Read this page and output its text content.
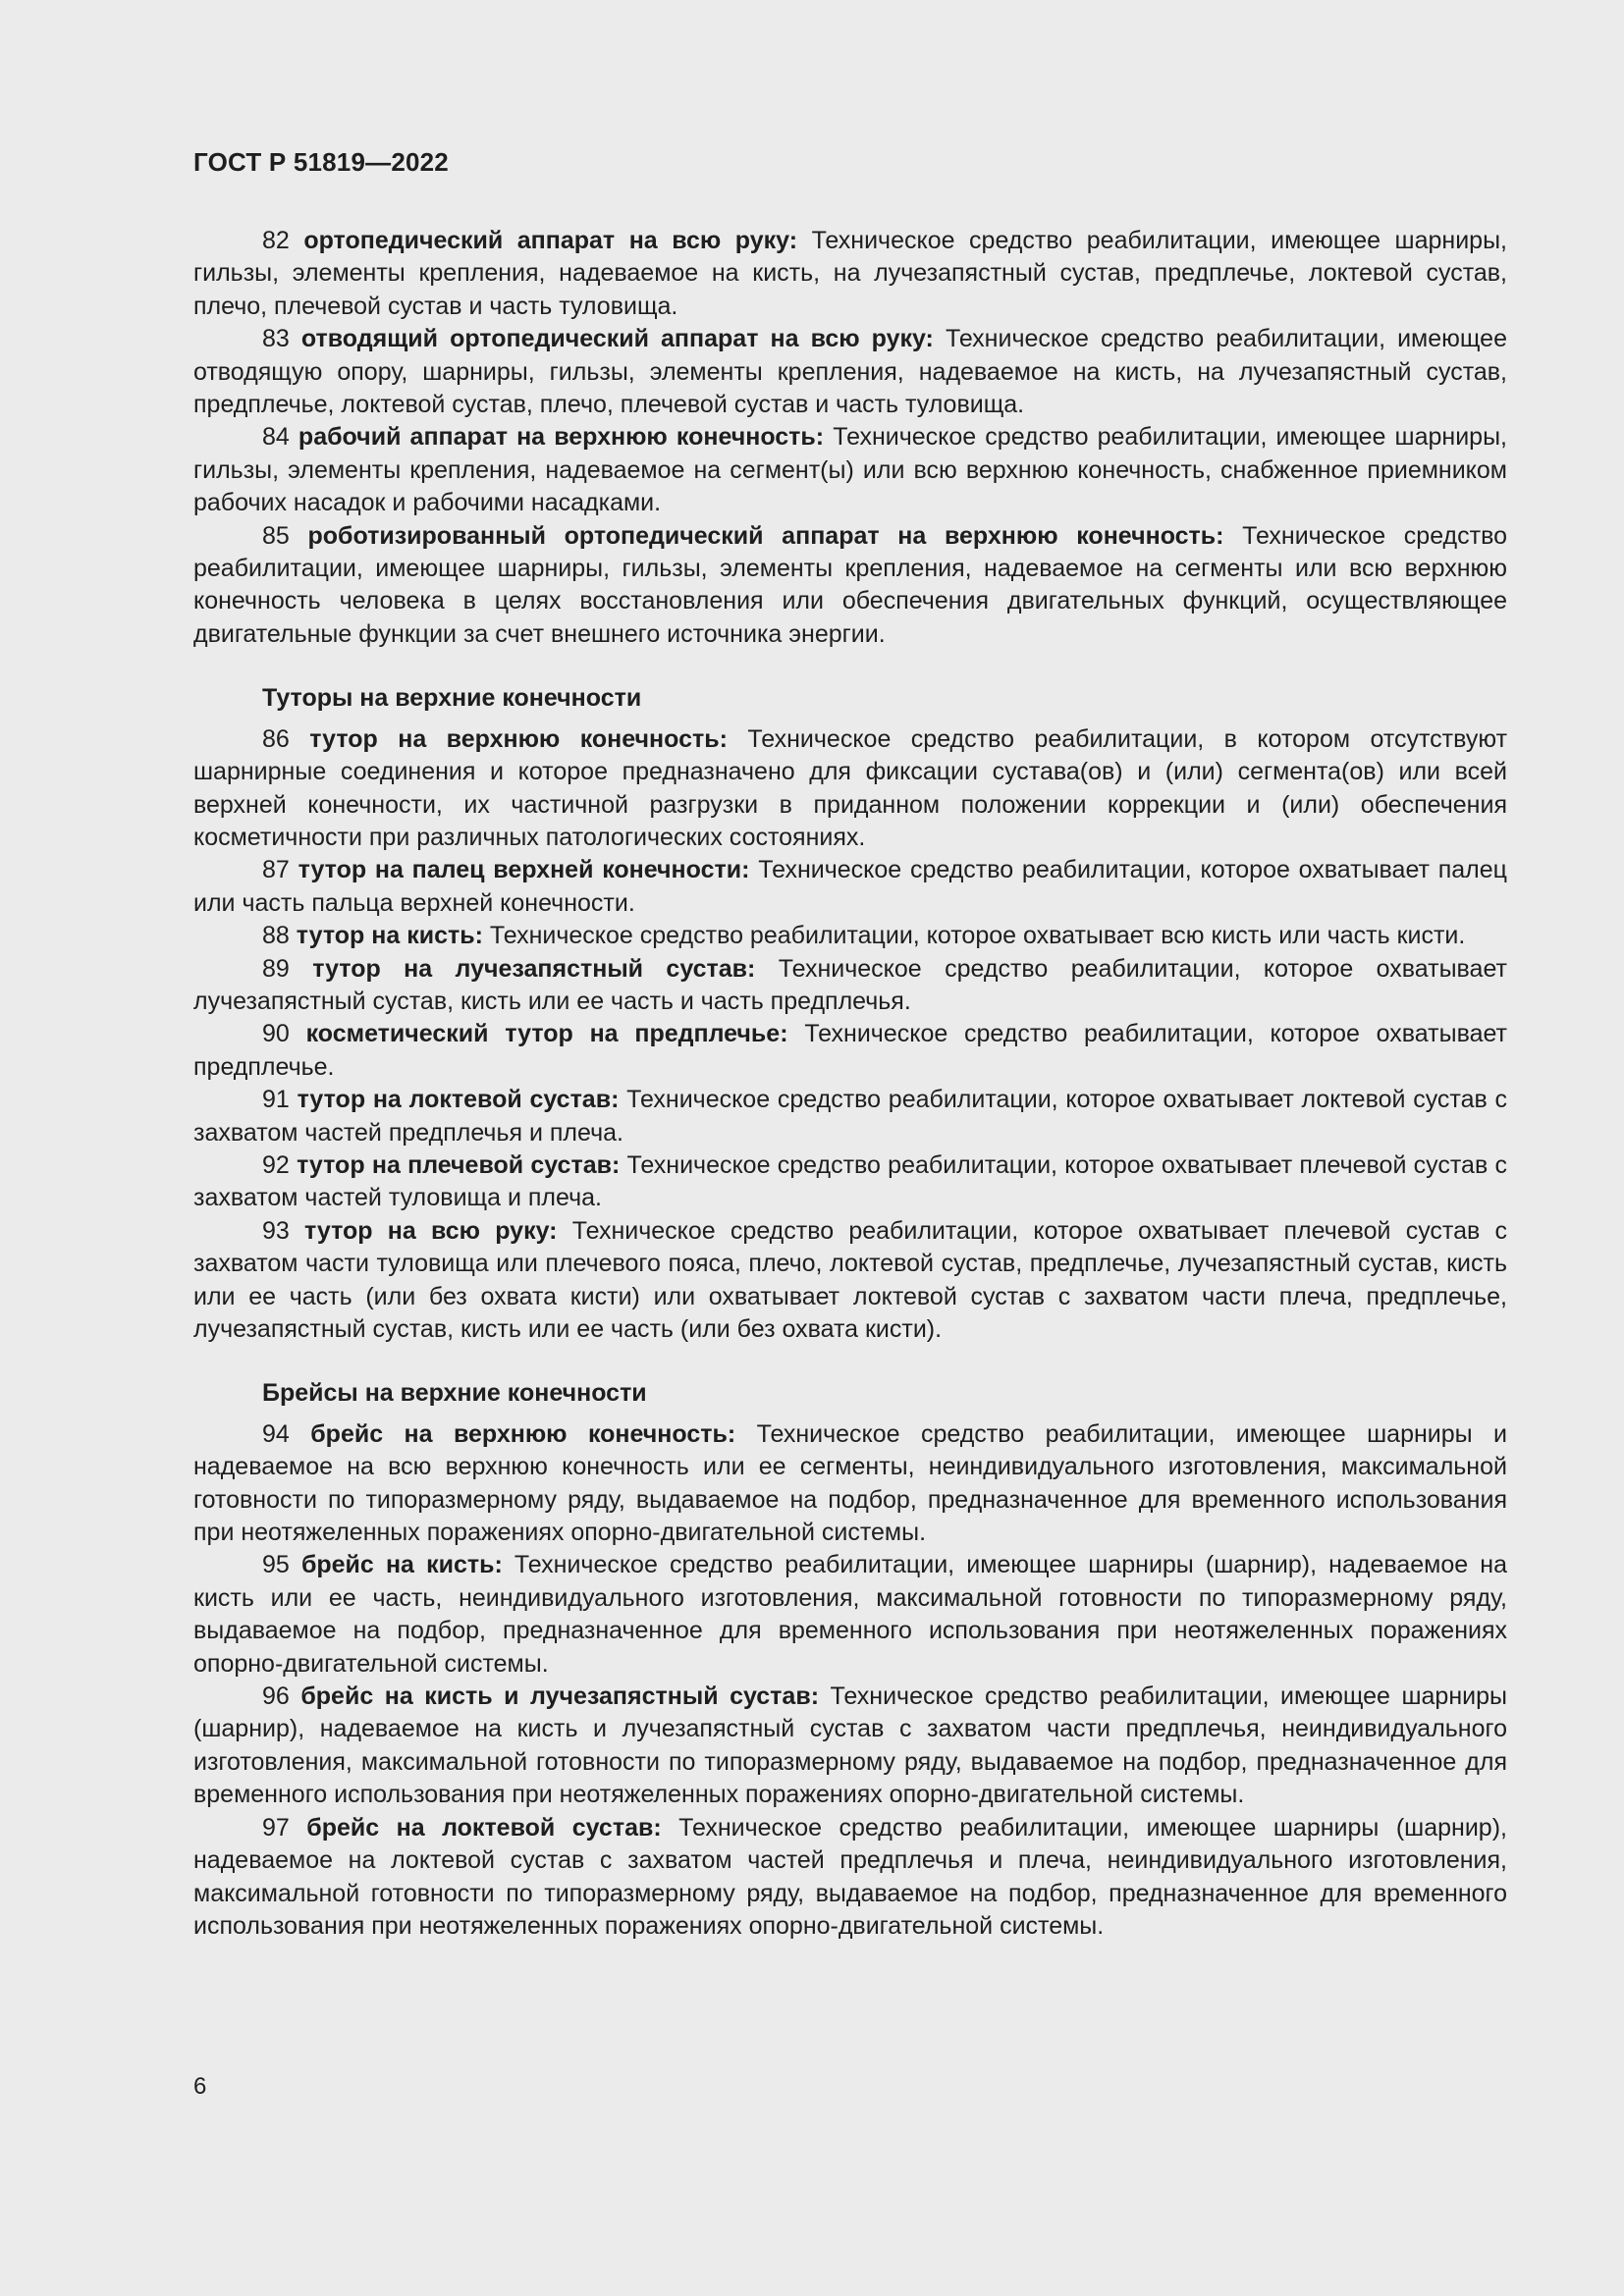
ГОСТ Р 51819—2022

82 ортопедический аппарат на всю руку: Техническое средство реабилитации, имеющее шарниры, гильзы, элементы крепления, надеваемое на кисть, на лучезапястный сустав, предплечье, локтевой сустав, плечо, плечевой сустав и часть туловища.

83 отводящий ортопедический аппарат на всю руку: Техническое средство реабилитации, имеющее отводящую опору, шарниры, гильзы, элементы крепления, надеваемое на кисть, на лучезапястный сустав, предплечье, локтевой сустав, плечо, плечевой сустав и часть туловища.

84 рабочий аппарат на верхнюю конечность: Техническое средство реабилитации, имеющее шарниры, гильзы, элементы крепления, надеваемое на сегмент(ы) или всю верхнюю конечность, снабженное приемником рабочих насадок и рабочими насадками.

85 роботизированный ортопедический аппарат на верхнюю конечность: Техническое средство реабилитации, имеющее шарниры, гильзы, элементы крепления, надеваемое на сегменты или всю верхнюю конечность человека в целях восстановления или обеспечения двигательных функций, осуществляющее двигательные функции за счет внешнего источника энергии.

Туторы на верхние конечности

86 тутор на верхнюю конечность: Техническое средство реабилитации, в котором отсутствуют шарнирные соединения и которое предназначено для фиксации сустава(ов) и (или) сегмента(ов) или всей верхней конечности, их частичной разгрузки в приданном положении коррекции и (или) обеспечения косметичности при различных патологических состояниях.

87 тутор на палец верхней конечности: Техническое средство реабилитации, которое охватывает палец или часть пальца верхней конечности.

88 тутор на кисть: Техническое средство реабилитации, которое охватывает всю кисть или часть кисти.

89 тутор на лучезапястный сустав: Техническое средство реабилитации, которое охватывает лучезапястный сустав, кисть или ее часть и часть предплечья.

90 косметический тутор на предплечье: Техническое средство реабилитации, которое охватывает предплечье.

91 тутор на локтевой сустав: Техническое средство реабилитации, которое охватывает локтевой сустав с захватом частей предплечья и плеча.

92 тутор на плечевой сустав: Техническое средство реабилитации, которое охватывает плечевой сустав с захватом частей туловища и плеча.

93 тутор на всю руку: Техническое средство реабилитации, которое охватывает плечевой сустав с захватом части туловища или плечевого пояса, плечо, локтевой сустав, предплечье, лучезапястный сустав, кисть или ее часть (или без охвата кисти) или охватывает локтевой сустав с захватом части плеча, предплечье, лучезапястный сустав, кисть или ее часть (или без охвата кисти).

Брейсы на верхние конечности

94 брейс на верхнюю конечность: Техническое средство реабилитации, имеющее шарниры и надеваемое на всю верхнюю конечность или ее сегменты, неиндивидуального изготовления, максимальной готовности по типоразмерному ряду, выдаваемое на подбор, предназначенное для временного использования при неотяжеленных поражениях опорно-двигательной системы.

95 брейс на кисть: Техническое средство реабилитации, имеющее шарниры (шарнир), надеваемое на кисть или ее часть, неиндивидуального изготовления, максимальной готовности по типоразмерному ряду, выдаваемое на подбор, предназначенное для временного использования при неотяжеленных поражениях опорно-двигательной системы.

96 брейс на кисть и лучезапястный сустав: Техническое средство реабилитации, имеющее шарниры (шарнир), надеваемое на кисть и лучезапястный сустав с захватом части предплечья, неиндивидуального изготовления, максимальной готовности по типоразмерному ряду, выдаваемое на подбор, предназначенное для временного использования при неотяжеленных поражениях опорно-двигательной системы.

97 брейс на локтевой сустав: Техническое средство реабилитации, имеющее шарниры (шарнир), надеваемое на локтевой сустав с захватом частей предплечья и плеча, неиндивидуального изготовления, максимальной готовности по типоразмерному ряду, выдаваемое на подбор, предназначенное для временного использования при неотяжеленных поражениях опорно-двигательной системы.

6
